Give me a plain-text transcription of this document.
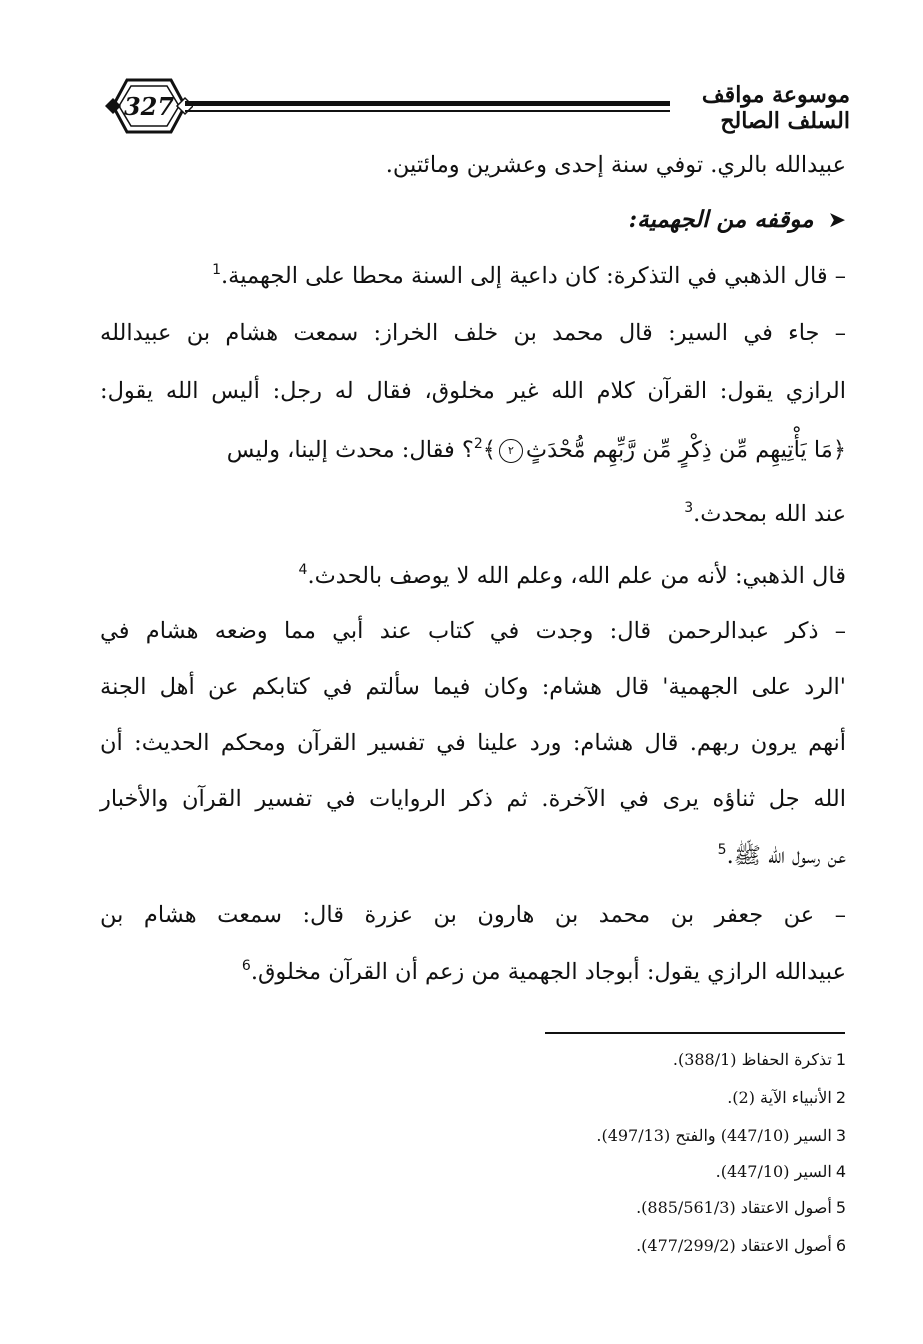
327	موسوعة مواقف السلف الصالح
عبيدالله بالري. توفي سنة إحدى وعشرين ومائتين.
➤موقفه من الجهمية:
– قال الذهبي في التذكرة: كان داعية إلى السنة محطا على الجهمية.$^1$
– جاء في السير: قال محمد بن خلف الخراز: سمعت هشام بن عبيدالله
الرازي يقول: القرآن كلام الله غير مخلوق، فقال له رجل: أليس الله يقول:
﴿مَا يَأْتِيهِم مِّن ذِكْرٍ مِّن رَّبِّهِم مُّحْدَثٍ٢﴾$^2$؟ فقال: محدث إلينا، وليس
عند الله بمحدث.$^3$
قال الذهبي: لأنه من علم الله، وعلم الله لا يوصف بالحدث.$^4$
– ذكر عبدالرحمن قال: وجدت في كتاب عند أبي مما وضعه هشام في
'الرد على الجهمية' قال هشام: وكان فيما سألتم في كتابكم عن أهل الجنة
أنهم يرون ربهم. قال هشام: ورد علينا في تفسير القرآن ومحكم الحديث: أن
الله جل ثناؤه يرى في الآخرة. ثم ذكر الروايات في تفسير القرآن والأخبار
عن رسول الله ﷺ.$^5$
– عن جعفر بن محمد بن هارون بن عزرة قال: سمعت هشام بن
عبيدالله الرازي يقول: أبوجاد الجهمية من زعم أن القرآن مخلوق.$^6$
1تذكرة الحفاظ (388/1).
2الأنبياء الآية (2).
3السير (447/10) والفتح (497/13).
4السير (447/10).
5أصول الاعتقاد (885/561/3).
6أصول الاعتقاد (477/299/2).
